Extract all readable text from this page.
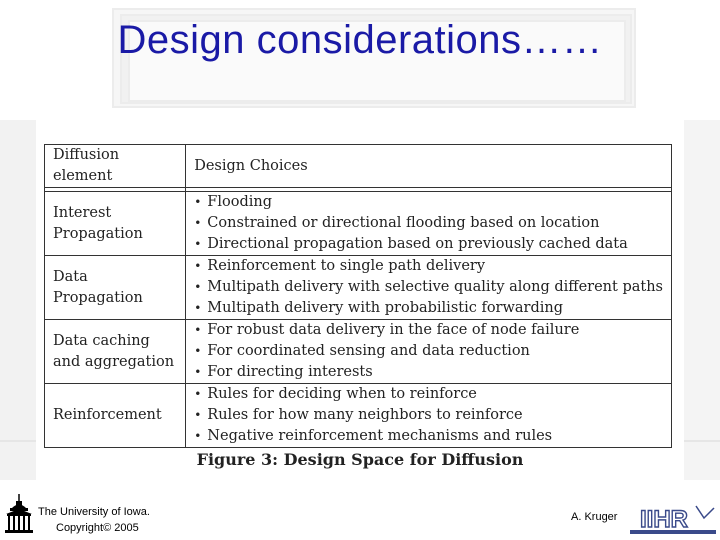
Design considerations……
Diffusion element	Design Choices

Interest Propagation	• Flooding
• Constrained or directional flooding based on location
• Directional propagation based on previously cached data

Data Propagation	• Reinforcement to single path delivery
• Multipath delivery with selective quality along different paths
• Multipath delivery with probabilistic forwarding

Data caching and aggregation	• For robust data delivery in the face of node failure
• For coordinated sensing and data reduction
• For directing interests

Reinforcement	• Rules for deciding when to reinforce
• Rules for how many neighbors to reinforce
• Negative reinforcement mechanisms and rules
Figure 3: Design Space for Diffusion
The University of Iowa.
Copyright© 2005
A. Kruger IIHR
